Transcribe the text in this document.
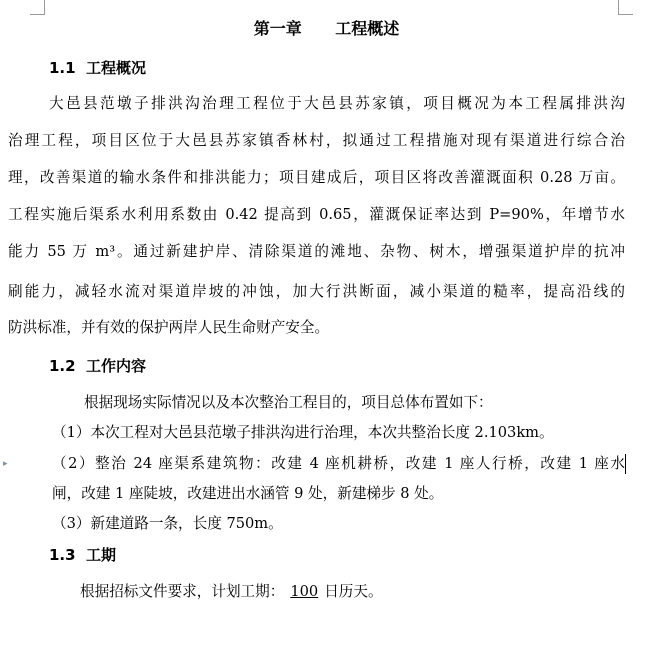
第一章      工程概述
1.1  工程概况
大邑县范墩子排洪沟治理工程位于大邑县苏家镇，项目概况为本工程属排洪沟
治理工程，项目区位于大邑县苏家镇香林村，拟通过工程措施对现有渠道进行综合治
理，改善渠道的输水条件和排洪能力；项目建成后，项目区将改善灌溉面积 0.28 万亩。
工程实施后渠系水利用系数由 0.42 提高到 0.65，灌溉保证率达到 P=90%，年增节水
能力 55 万 m³。通过新建护岸、清除渠道的滩地、杂物、树木，增强渠道护岸的抗冲
刷能力，减轻水流对渠道岸坡的冲蚀，加大行洪断面，减小渠道的糙率，提高沿线的
防洪标准，并有效的保护两岸人民生命财产安全。
1.2  工作内容
根据现场实际情况以及本次整治工程目的，项目总体布置如下：
（1）本次工程对大邑县范墩子排洪沟进行治理，本次共整治长度 2.103km。
（2）整治 24 座渠系建筑物：改建 4 座机耕桥，改建 1 座人行桥，改建 1 座水
闸，改建 1 座陡坡，改建进出水涵管 9 处，新建梯步 8 处。
（3）新建道路一条，长度 750m。
▸
1.3  工期
根据招标文件要求，计划工期： 100 日历天。
